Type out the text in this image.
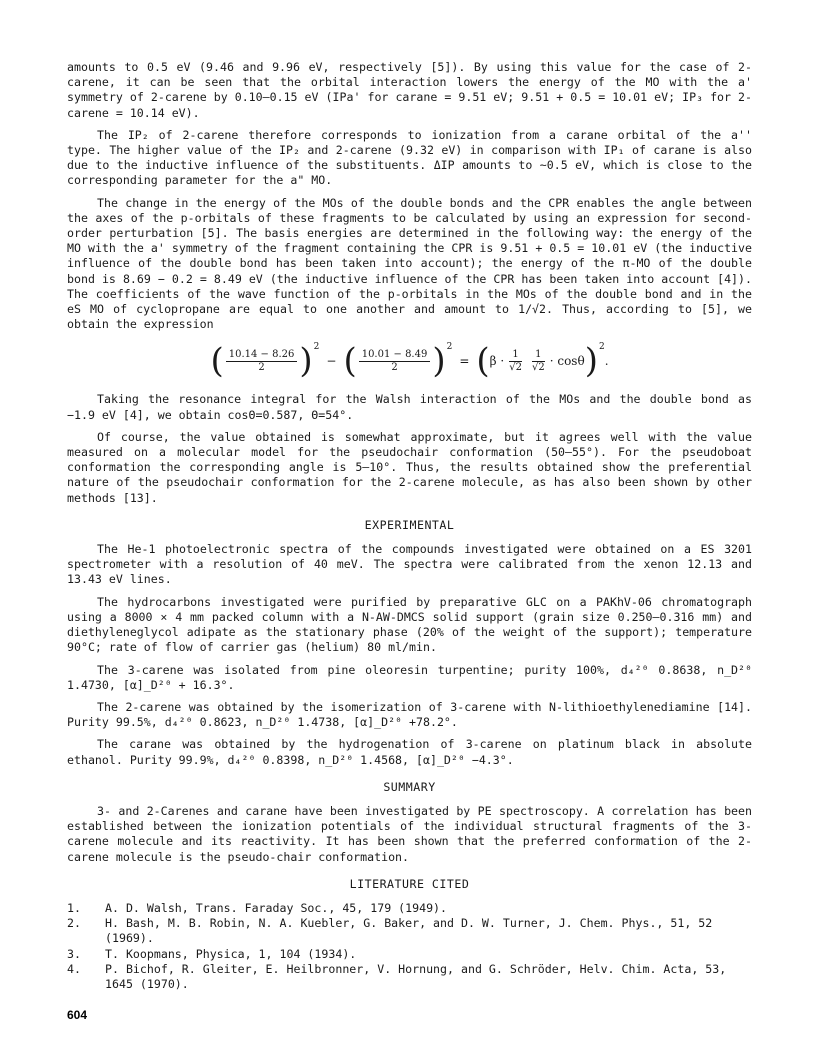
amounts to 0.5 eV (9.46 and 9.96 eV, respectively [5]). By using this value for the case of 2-carene, it can be seen that the orbital interaction lowers the energy of the MO with the a' symmetry of 2-carene by 0.10–0.15 eV (IPa' for carane = 9.51 eV; 9.51 + 0.5 = 10.01 eV; IP₃ for 2-carene = 10.14 eV).

The IP₂ of 2-carene therefore corresponds to ionization from a carane orbital of the a'' type. The higher value of the IP₂ and 2-carene (9.32 eV) in comparison with IP₁ of carane is also due to the inductive influence of the substituents. ΔIP amounts to ~0.5 eV, which is close to the corresponding parameter for the a" MO.

The change in the energy of the MOs of the double bonds and the CPR enables the angle between the axes of the p-orbitals of these fragments to be calculated by using an expression for second-order perturbation [5]. The basis energies are determined in the following way: the energy of the MO with the a' symmetry of the fragment containing the CPR is 9.51 + 0.5 = 10.01 eV (the inductive influence of the double bond has been taken into account); the energy of the π-MO of the double bond is 8.69 − 0.2 = 8.49 eV (the inductive influence of the CPR has been taken into account [4]). The coefficients of the wave function of the p-orbitals in the MOs of the double bond and in the eS MO of cyclopropane are equal to one another and amount to 1/√2. Thus, according to [5], we obtain the expression

( $\frac{10.14 - 8.26}{2}$ ) 2
− ( $\frac{10.01 - 8.49}{2}$ ) 2
= ( $\beta \cdot \frac{1}{√2} \frac{1}{√2} \cdot \cos\theta$ ) 2
.

Taking the resonance integral for the Walsh interaction of the MOs and the double bond as −1.9 eV [4], we obtain cosΘ=0.587, Θ=54°.

Of course, the value obtained is somewhat approximate, but it agrees well with the value measured on a molecular model for the pseudochair conformation (50–55°). For the pseudoboat conformation the corresponding angle is 5–10°. Thus, the results obtained show the preferential nature of the pseudochair conformation for the 2-carene molecule, as has also been shown by other methods [13].

EXPERIMENTAL

The He-1 photoelectronic spectra of the compounds investigated were obtained on a ES 3201 spectrometer with a resolution of 40 meV. The spectra were calibrated from the xenon 12.13 and 13.43 eV lines.

The hydrocarbons investigated were purified by preparative GLC on a PAKhV-06 chromatograph using a 8000 × 4 mm packed column with a N-AW-DMCS solid support (grain size 0.250–0.316 mm) and diethyleneglycol adipate as the stationary phase (20% of the weight of the support); temperature 90°C; rate of flow of carrier gas (helium) 80 ml/min.

The 3-carene was isolated from pine oleoresin turpentine; purity 100%, d₄²⁰ 0.8638, n_D²⁰ 1.4730, [α]_D²⁰ + 16.3°.

The 2-carene was obtained by the isomerization of 3-carene with N-lithioethylenediamine [14]. Purity 99.5%, d₄²⁰ 0.8623, n_D²⁰ 1.4738, [α]_D²⁰ +78.2°.

The carane was obtained by the hydrogenation of 3-carene on platinum black in absolute ethanol. Purity 99.9%, d₄²⁰ 0.8398, n_D²⁰ 1.4568, [α]_D²⁰ −4.3°.

SUMMARY

3- and 2-Carenes and carane have been investigated by PE spectroscopy. A correlation has been established between the ionization potentials of the individual structural fragments of the 3-carene molecule and its reactivity. It has been shown that the preferred conformation of the 2-carene molecule is the pseudo-chair conformation.

LITERATURE CITED
1.	A. D. Walsh, Trans. Faraday Soc., 45, 179 (1949).
2.	H. Bash, M. B. Robin, N. A. Kuebler, G. Baker, and D. W. Turner, J. Chem. Phys., 51, 52 (1969).
3.	T. Koopmans, Physica, 1, 104 (1934).
4.	P. Bichof, R. Gleiter, E. Heilbronner, V. Hornung, and G. Schröder, Helv. Chim. Acta, 53, 1645 (1970).
604
